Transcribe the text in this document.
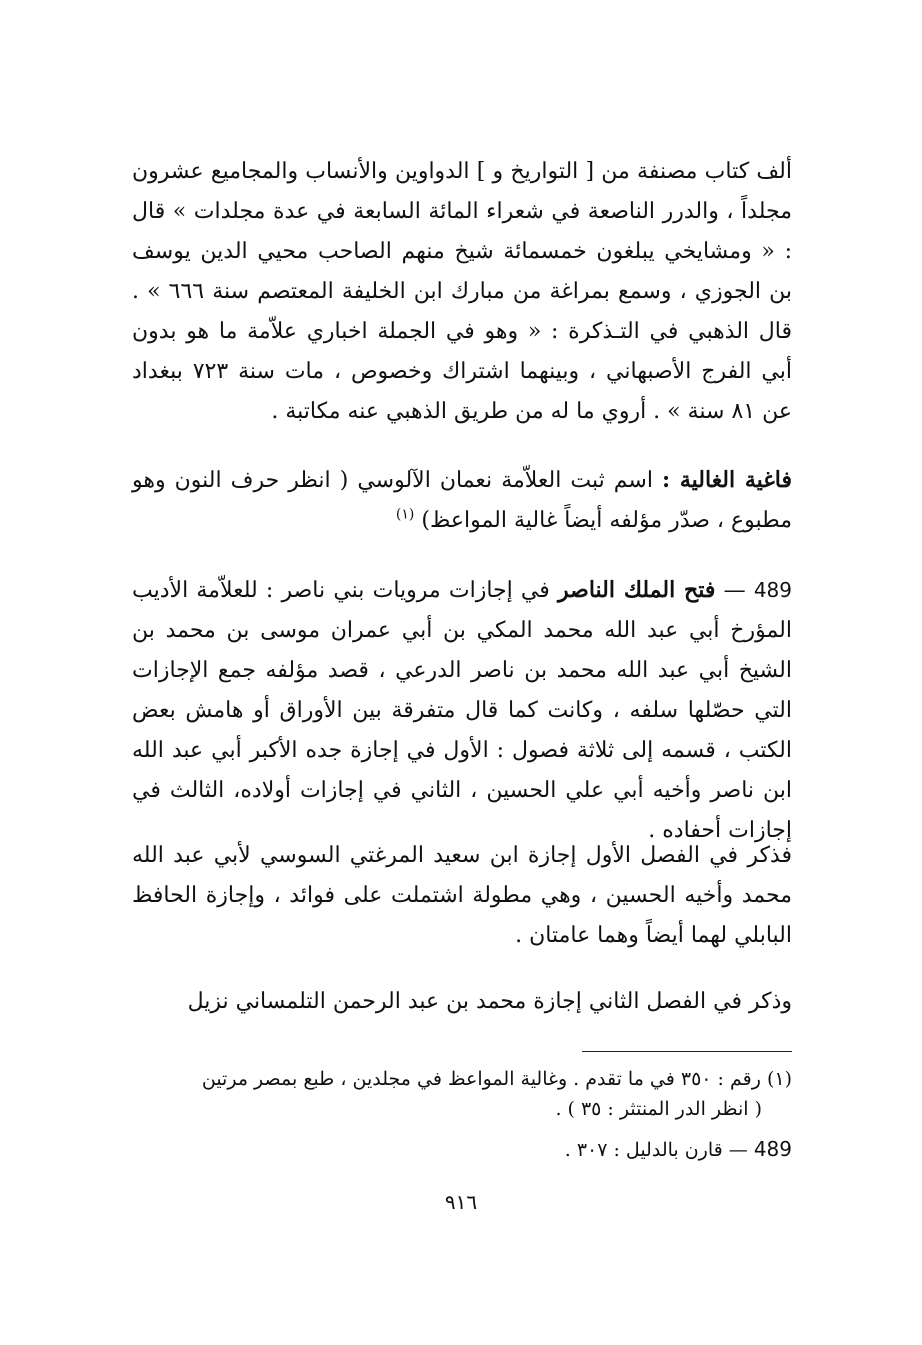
ألف كتاب مصنفة من [ التواريخ و ] الدواوين والأنساب والمجاميع عشرون مجلداً ، والدرر الناصعة في شعراء المائة السابعة في عدة مجلدات » قال : « ومشايخي يبلغون خمسمائة شيخ منهم الصاحب محيي الدين يوسف بن الجوزي ، وسمع بمراغة من مبارك ابن الخليفة المعتصم سنة ٦٦٦ » . قال الذهبي في التـذكرة : « وهو في الجملة اخباري علاّمة ما هو بدون أبي الفرج الأصبهاني ، وبينهما اشتراك وخصوص ، مات سنة ٧٢٣ ببغداد عن ٨١ سنة » . أروي ما له من طريق الذهبي عنه مكاتبة .

فاغية الغالية : اسم ثبت العلاّمة نعمان الآلوسي ( انظر حرف النون وهو مطبوع ، صدّر مؤلفه أيضاً غالية المواعظ) $^{(١)}$

489 — فتح الملك الناصر في إجازات مرويات بني ناصر : للعلاّمة الأديب المؤرخ أبي عبد الله محمد المكي بن أبي عمران موسى بن محمد بن الشيخ أبي عبد الله محمد بن ناصر الدرعي ، قصد مؤلفه جمع الإجازات التي حصّلها سلفه ، وكانت كما قال متفرقة بين الأوراق أو هامش بعض الكتب ، قسمه إلى ثلاثة فصول : الأول في إجازة جده الأكبر أبي عبد الله ابن ناصر وأخيه أبي علي الحسين ، الثاني في إجازات أولاده، الثالث في إجازات أحفاده .

فذكر في الفصل الأول إجازة ابن سعيد المرغتي السوسي لأبي عبد الله محمد وأخيه الحسين ، وهي مطولة اشتملت على فوائد ، وإجازة الحافظ البابلي لهما أيضاً وهما عامتان .

وذكر في الفصل الثاني إجازة محمد بن عبد الرحمن التلمساني نزيل

(١) رقم : ٣٥٠ في ما تقدم . وغالية المواعظ في مجلدين ، طبع بمصر مرتين

( انظر الدر المنتثر : ٣٥ ) .

489 — قارن بالدليل : ٣٠٧ .

٩١٦
